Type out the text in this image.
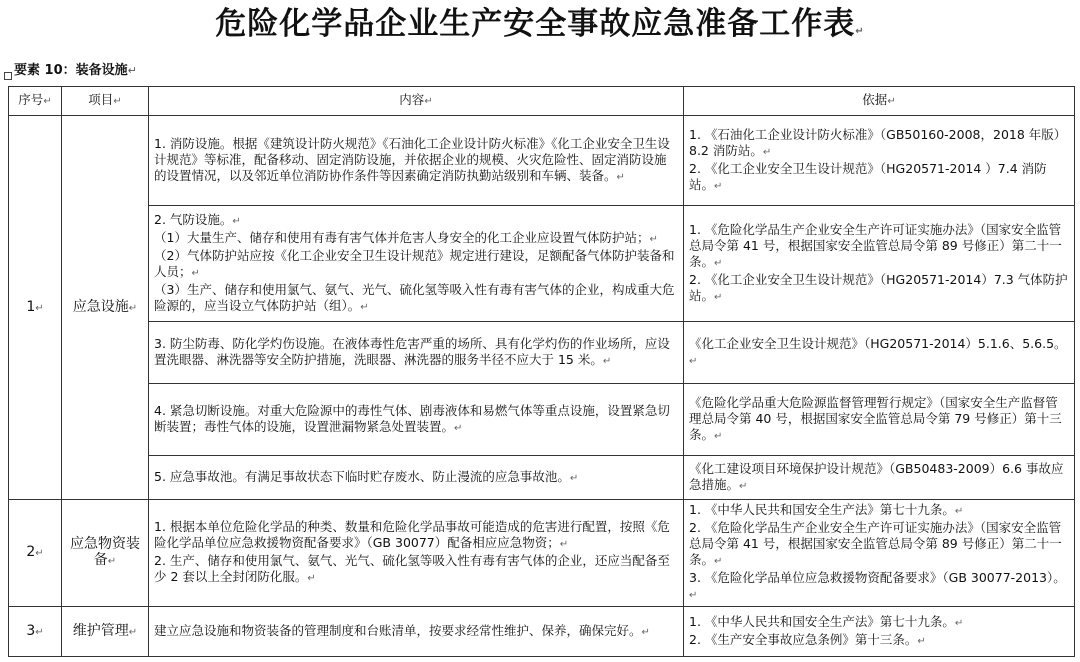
危险化学品企业生产安全事故应急准备工作表↵
要素 10：装备设施↵
序号↵	项目↵	内容↵	依据↵
1↵	应急设施↵	1. 消防设施。根据《建筑设计防火规范》《石油化工企业设计防火标准》《化工企业安全卫生设计规范》等标准，配备移动、固定消防设施，并依据企业的规模、火灾危险性、固定消防设施的设置情况，以及邻近单位消防协作条件等因素确定消防执勤站级别和车辆、装备。↵	1. 《石油化工企业设计防火标准》（GB50160-2008，2018 年版）8.2 消防站。↵
2. 《化工企业安全卫生设计规范》（HG20571-2014 ）7.4 消防站。↵

		2. 气防设施。↵
（1）大量生产、储存和使用有毒有害气体并危害人身安全的化工企业应设置气体防护站；↵
（2）气体防护站应按《化工企业安全卫生设计规范》规定进行建设，足额配备气体防护装备和人员；↵
（3）生产、储存和使用氯气、氨气、光气、硫化氢等吸入性有毒有害气体的企业，构成重大危险源的，应当设立气体防护站（组）。↵	1. 《危险化学品生产企业安全生产许可证实施办法》（国家安全监管总局令第 41 号，根据国家安全监管总局令第 89 号修正）第二十一条。↵
2. 《化工企业安全卫生设计规范》（HG20571-2014）7.3 气体防护站。↵

		3. 防尘防毒、防化学灼伤设施。在液体毒性危害严重的场所、具有化学灼伤的作业场所，应设置洗眼器、淋洗器等安全防护措施，洗眼器、淋洗器的服务半径不应大于 15 米。↵	《化工企业安全卫生设计规范》（HG20571-2014）5.1.6、5.6.5。↵

		4. 紧急切断设施。对重大危险源中的毒性气体、剧毒液体和易燃气体等重点设施，设置紧急切断装置；毒性气体的设施，设置泄漏物紧急处置装置。↵	《危险化学品重大危险源监督管理暂行规定》（国家安全生产监督管理总局令第 40 号，根据国家安全监管总局令第 79 号修正）第十三条。↵

		5. 应急事故池。有满足事故状态下临时贮存废水、防止漫流的应急事故池。↵	《化工建设项目环境保护设计规范》（GB50483-2009）6.6 事故应急措施。↵

2↵	应急物资装备↵	1. 根据本单位危险化学品的种类、数量和危险化学品事故可能造成的危害进行配置，按照《危险化学品单位应急救援物资配备要求》（GB 30077）配备相应应急物资；↵
2. 生产、储存和使用氯气、氨气、光气、硫化氢等吸入性有毒有害气体的企业，还应当配备至少 2 套以上全封闭防化服。↵	1. 《中华人民共和国安全生产法》第七十九条。↵
2. 《危险化学品生产企业安全生产许可证实施办法》（国家安全监管总局令第 41 号，根据国家安全监管总局令第 89 号修正）第二十一条。↵
3. 《危险化学品单位应急救援物资配备要求》（GB 30077-2013）。↵

3↵	维护管理↵	建立应急设施和物资装备的管理制度和台账清单，按要求经常性维护、保养，确保完好。↵	1. 《中华人民共和国安全生产法》第七十九条。↵
2. 《生产安全事故应急条例》第十三条。↵
